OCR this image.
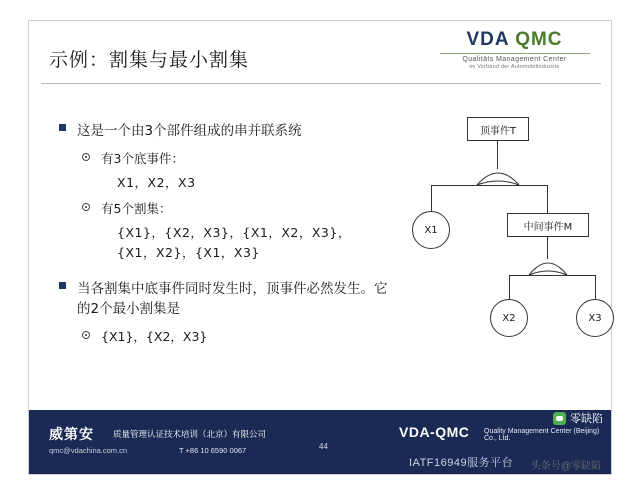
示例：割集与最小割集
VDA QMC
Qualitäts Management Center
im Verband der Automobilindustrie
这是一个由3个部件组成的串并联系统
有3个底事件：
X1，X2，X3
有5个割集：
{X1}，{X2，X3}，{X1，X2，X3}，
{X1，X2}，{X1，X3}
当各割集中底事件同时发生时，顶事件必然发生。它的2个最小割集是
{X1}，{X2，X3}
顶事件T
X1	中间事件M
X2	X3
威第安 质量管理认证技术培训（北京）有限公司
qmc@vdachina.com.cn	T +86 10 6590 0067	44
VDA-QMC Quality Management Center (Beijing) Co., Ltd.
IATF16949服务平台
零缺陷
头条号@零缺陷
